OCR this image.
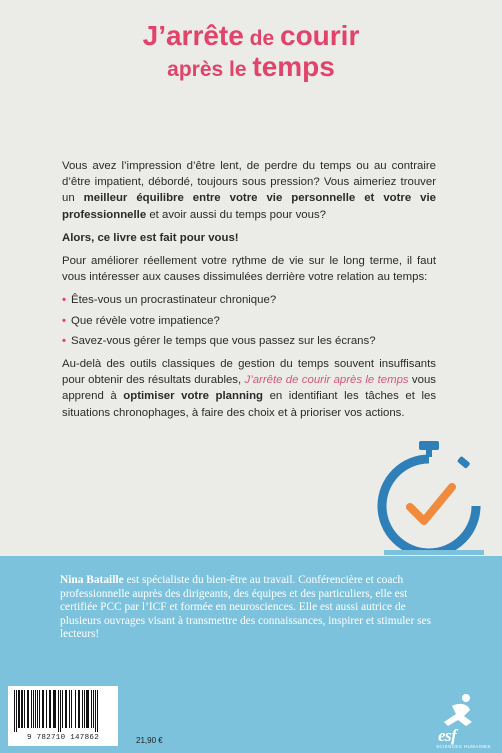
J’arrête de courir
après le temps

Vous avez l’impression d’être lent, de perdre du temps ou au contraire d’être impatient, débordé, toujours sous pression? Vous aimeriez trouver un meilleur équilibre entre votre vie personnelle et votre vie professionnelle et avoir aussi du temps pour vous?

Alors, ce livre est fait pour vous!

Pour améliorer réellement votre rythme de vie sur le long terme, il faut vous intéresser aux causes dissimulées derrière votre relation au temps:

• Êtes-vous un procrastinateur chronique?
• Que révèle votre impatience?
• Savez-vous gérer le temps que vous passez sur les écrans?

Au-delà des outils classiques de gestion du temps souvent insuffisants pour obtenir des résultats durables, J’arrête de courir après le temps vous apprend à optimiser votre planning en identifiant les tâches et les situations chronophages, à faire des choix et à prioriser vos actions.

Nina Bataille est spécialiste du bien-être au travail. Conférencière et coach professionnelle auprès des dirigeants, des équipes et des particuliers, elle est certifiée PCC par l’ICF et formée en neurosciences. Elle est aussi autrice de plusieurs ouvrages visant à transmettre des connaissances, inspirer et stimuler ses lecteurs!
9 782710 147862	21,90 €	esf
SCIENCES HUMAINES
